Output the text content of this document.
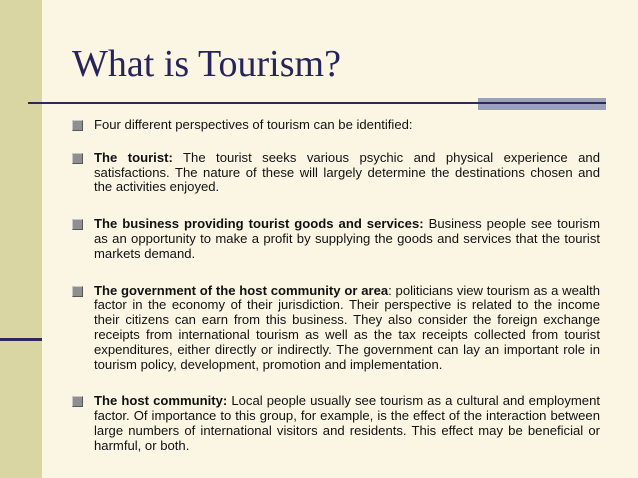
What is Tourism?
Four different perspectives of tourism can be identified:
The tourist: The tourist seeks various psychic and physical experience and satisfactions. The nature of these will largely determine the destinations chosen and the activities enjoyed.
The business providing tourist goods and services: Business people see tourism as an opportunity to make a profit by supplying the goods and services that the tourist markets demand.
The government of the host community or area: politicians view tourism as a wealth factor in the economy of their jurisdiction. Their perspective is related to the income their citizens can earn from this business. They also consider the foreign exchange receipts from international tourism as well as the tax receipts collected from tourist expenditures, either directly or indirectly. The government can lay an important role in tourism policy, development, promotion and implementation.
The host community: Local people usually see tourism as a cultural and employment factor. Of importance to this group, for example, is the effect of the interaction between large numbers of international visitors and residents. This effect may be beneficial or harmful, or both.
